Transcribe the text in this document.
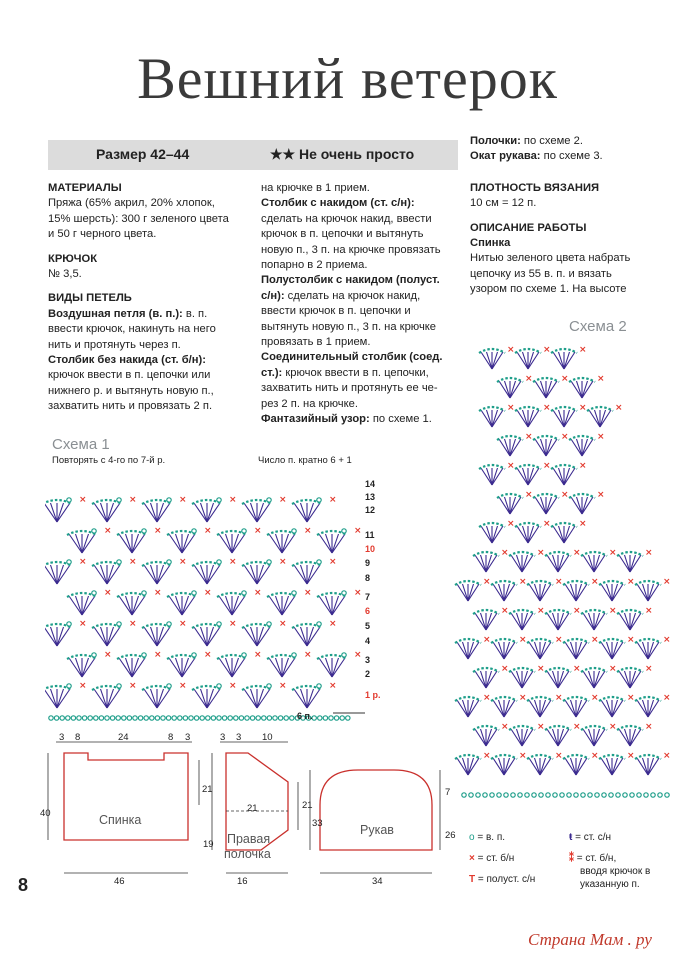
Вешний ветерок
Размер 42–44	★★ Не очень просто

МАТЕРИАЛЫ

Пряжа (65% акрил, 20% хлопок,

15% шерсть): 300 г зеленого цвета

и 50 г черного цвета.

КРЮЧОК

№ 3,5.

ВИДЫ ПЕТЕЛЬ

Воздушная петля (в. п.): в. п.

ввести крючок, накинуть на него

нить и протянуть через п.

Столбик без накида (ст. б/н):

крючок ввести в п. цепочки или

нижнего р. и вытянуть новую п.,

захватить нить и провязать 2 п.

на крючке в 1 прием.

Столбик с накидом (ст. с/н):

сделать на крючок накид, ввести

крючок в п. цепочки и вытянуть

новую п., 3 п. на крючке провязать

попарно в 2 приема.

Полустолбик с накидом (полуст.

с/н): сделать на крючок накид,

ввести крючок в п. цепочки и

вытянуть новую п., 3 п. на крючке

провязать в 1 прием.

Соединительный столбик (соед.

ст.): крючок ввести в п. цепочки,

захватить нить и протянуть ее че-

рез 2 п. на крючке.

Фантазийный узор: по схеме 1.

Полочки: по схеме 2.

Окат рукава: по схеме 3.

ПЛОТНОСТЬ ВЯЗАНИЯ

10 см = 12 п.

ОПИСАНИЕ РАБОТЫ

Спинка

Нитью зеленого цвета набрать

цепочку из 55 в. п. и вязать

узором по схеме 1. На высоте

Схема 1
Повторять с 4-го по 7-й р.	Число п. кратно 6 + 1
×	×	×	×	×	×
×	×	×	×	×	×
×	×	×	×	×	×
×	×	×	×	×	×
×	×	×	×	×	×
×	×	×	×	×	×
×	×	×	×	×	×
6 п.
14
13
12
11
10
9
8
7
6
5
4
3
2
1 р.
Схема 2
×	×	×	×	×	×
×	×	×	×	×
×	×	×	×	×	×
×	×	×	×	×
×	×	×	×	×	×
×	×	×	×	×
×	×	×	×	×	×
×	×	×	×	×
×	×	×
×	×	×
×	×	×
×	×	×
×	×	×	×
×	×	×
×	×	×
Спинка
3 8	24	8 3
40
21
46
Правая
полочка
3 3 10
19
21	21
16
Рукав
33
7
26
34
o = в. п.
× = ст. б/н
T = полуст. с/н
ŧ = ст. с/н
⁑ = ст. б/н,
вводя крючок в
указанную п.
8
Страна Мам . ру
